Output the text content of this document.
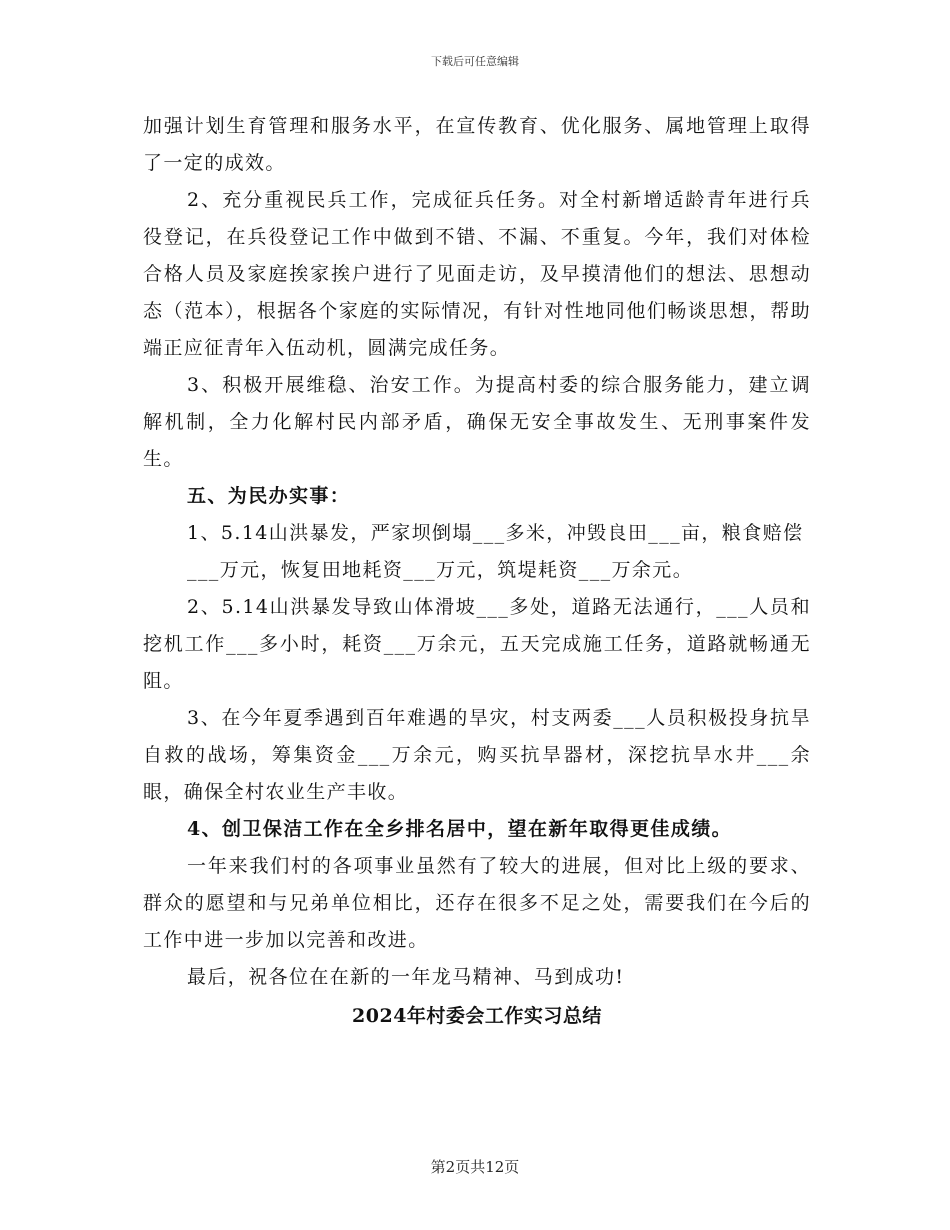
下载后可任意编辑

加强计划生育管理和服务水平，在宣传教育、优化服务、属地管理上取得了一定的成效。

2、充分重视民兵工作，完成征兵任务。对全村新增适龄青年进行兵役登记，在兵役登记工作中做到不错、不漏、不重复。今年，我们对体检合格人员及家庭挨家挨户进行了见面走访，及早摸清他们的想法、思想动态（范本），根据各个家庭的实际情况，有针对性地同他们畅谈思想，帮助端正应征青年入伍动机，圆满完成任务。

3、积极开展维稳、治安工作。为提高村委的综合服务能力，建立调解机制，全力化解村民内部矛盾，确保无安全事故发生、无刑事案件发生。

五、为民办实事：

1、5.14山洪暴发，严家坝倒塌___多米，冲毁良田___亩，粮食赔偿

___万元，恢复田地耗资___万元，筑堤耗资___万余元。

2、5.14山洪暴发导致山体滑坡___多处，道路无法通行，___人员和挖机工作___多小时，耗资___万余元，五天完成施工任务，道路就畅通无阻。

3、在今年夏季遇到百年难遇的旱灾，村支两委___人员积极投身抗旱自救的战场，筹集资金___万余元，购买抗旱器材，深挖抗旱水井___余眼，确保全村农业生产丰收。

4、创卫保洁工作在全乡排名居中，望在新年取得更佳成绩。

一年来我们村的各项事业虽然有了较大的进展，但对比上级的要求、群众的愿望和与兄弟单位相比，还存在很多不足之处，需要我们在今后的工作中进一步加以完善和改进。

最后，祝各位在在新的一年龙马精神、马到成功!

2024年村委会工作实习总结

第2页共12页
